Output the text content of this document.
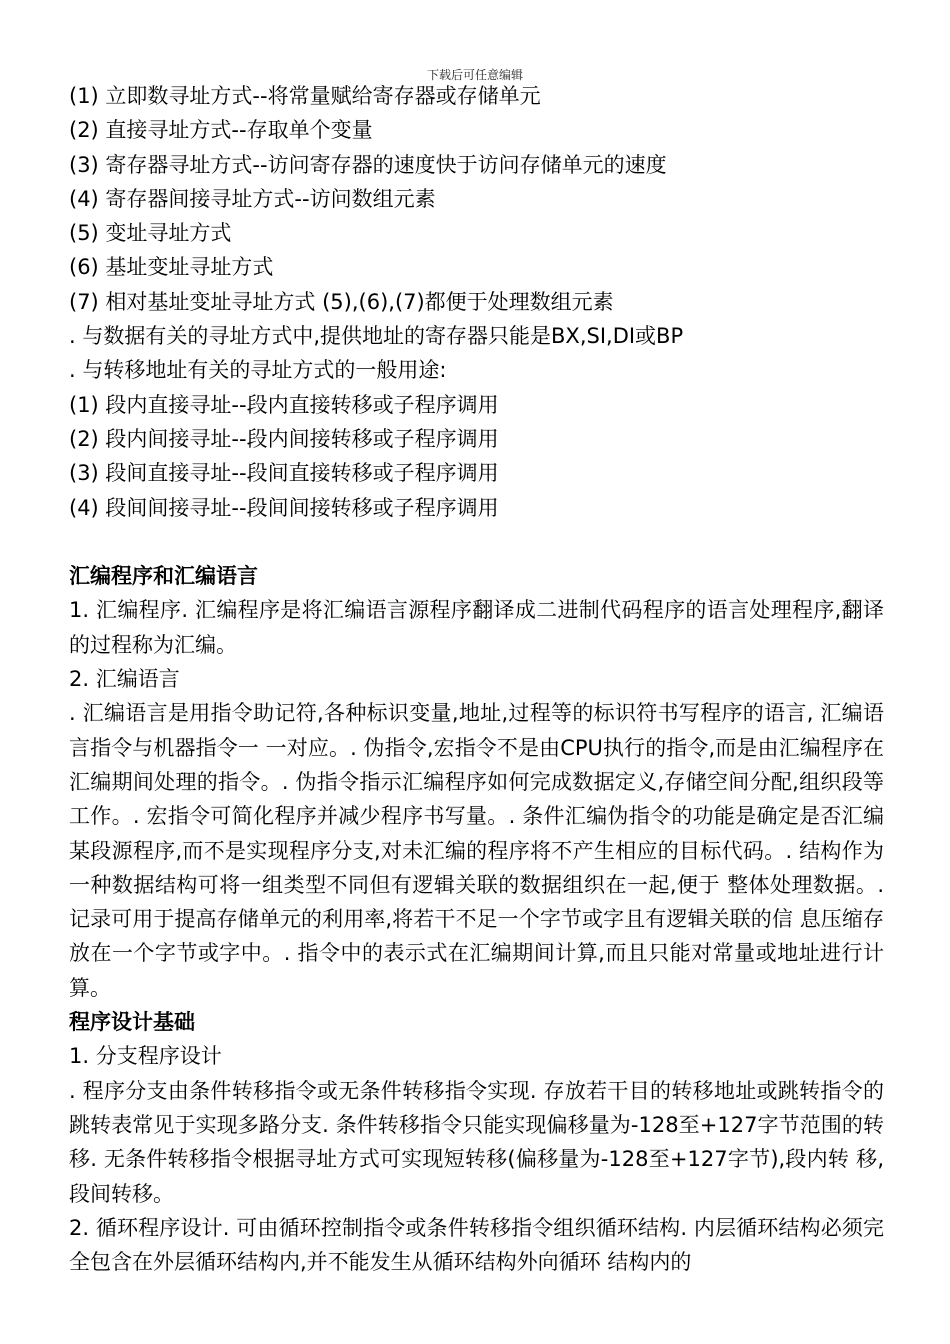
下载后可任意编辑
(1) 立即数寻址方式--将常量赋给寄存器或存储单元
(2) 直接寻址方式--存取单个变量
(3) 寄存器寻址方式--访问寄存器的速度快于访问存储单元的速度
(4) 寄存器间接寻址方式--访问数组元素
(5) 变址寻址方式
(6) 基址变址寻址方式
(7) 相对基址变址寻址方式 (5),(6),(7)都便于处理数组元素
. 与数据有关的寻址方式中,提供地址的寄存器只能是BX,SI,DI或BP
. 与转移地址有关的寻址方式的一般用途:
(1) 段内直接寻址--段内直接转移或子程序调用
(2) 段内间接寻址--段内间接转移或子程序调用
(3) 段间直接寻址--段间直接转移或子程序调用
(4) 段间间接寻址--段间间接转移或子程序调用
汇编程序和汇编语言
1. 汇编程序. 汇编程序是将汇编语言源程序翻译成二进制代码程序的语言处理程序,翻译的过程称为汇编。
2. 汇编语言
. 汇编语言是用指令助记符,各种标识变量,地址,过程等的标识符书写程序的语言, 汇编语言指令与机器指令一 一对应。. 伪指令,宏指令不是由CPU执行的指令,而是由汇编程序在汇编期间处理的指令。. 伪指令指示汇编程序如何完成数据定义,存储空间分配,组织段等工作。. 宏指令可简化程序并减少程序书写量。. 条件汇编伪指令的功能是确定是否汇编某段源程序,而不是实现程序分支,对未汇编的程序将不产生相应的目标代码。. 结构作为一种数据结构可将一组类型不同但有逻辑关联的数据组织在一起,便于 整体处理数据。. 记录可用于提高存储单元的利用率,将若干不足一个字节或字且有逻辑关联的信 息压缩存放在一个字节或字中。. 指令中的表示式在汇编期间计算,而且只能对常量或地址进行计算。
程序设计基础
1. 分支程序设计
. 程序分支由条件转移指令或无条件转移指令实现. 存放若干目的转移地址或跳转指令的跳转表常见于实现多路分支. 条件转移指令只能实现偏移量为-128至+127字节范围的转移. 无条件转移指令根据寻址方式可实现短转移(偏移量为-128至+127字节),段内转 移,段间转移。
2. 循环程序设计. 可由循环控制指令或条件转移指令组织循环结构. 内层循环结构必须完全包含在外层循环结构内,并不能发生从循环结构外向循环 结构内的
